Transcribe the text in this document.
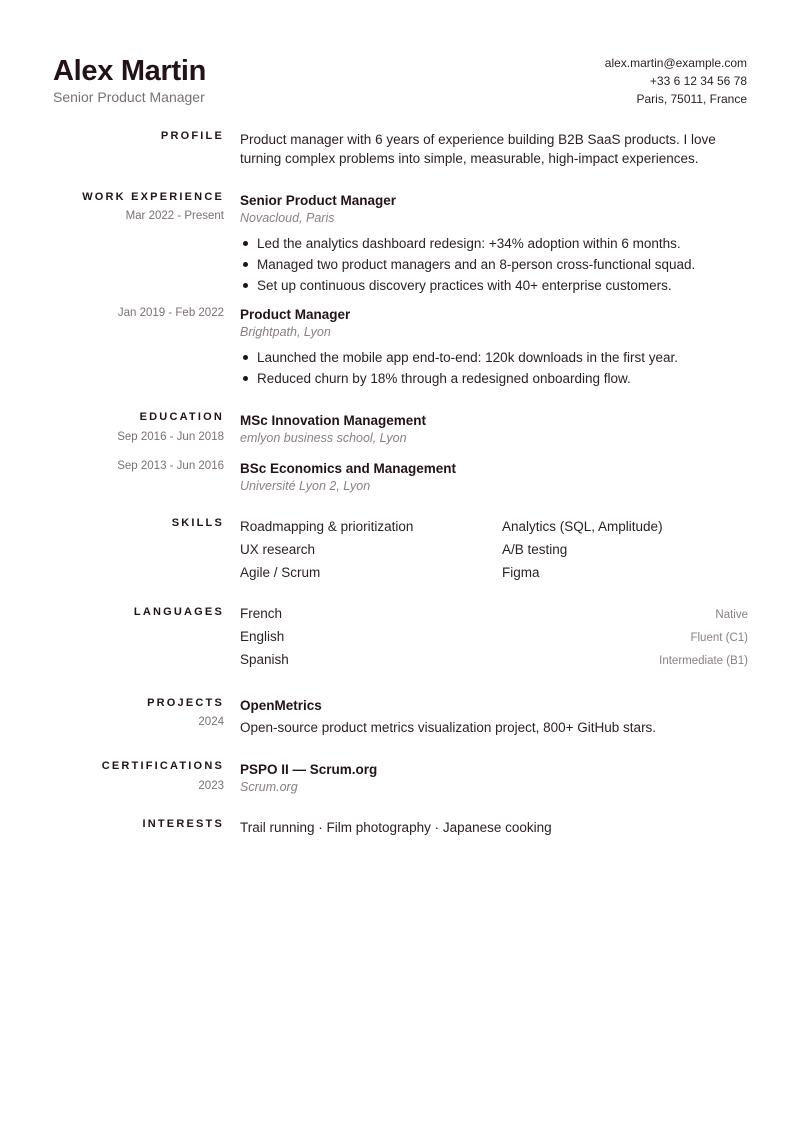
Alex Martin
Senior Product Manager
alex.martin@example.com
+33 6 12 34 56 78
Paris, 75011, France
PROFILE Product manager with 6 years of experience building B2B SaaS products. I love turning complex problems into simple, measurable, high-impact experiences.
WORK EXPERIENCE
Mar 2022 - Present
Senior Product Manager
Novacloud, Paris
Led the analytics dashboard redesign: +34% adoption within 6 months.
Managed two product managers and an 8-person cross-functional squad.
Set up continuous discovery practices with 40+ enterprise customers.
Jan 2019 - Feb 2022 Product Manager
Brightpath, Lyon
Launched the mobile app end-to-end: 120k downloads in the first year.
Reduced churn by 18% through a redesigned onboarding flow.
EDUCATION
Sep 2016 - Jun 2018
MSc Innovation Management
emlyon business school, Lyon
Sep 2013 - Jun 2016 BSc Economics and Management
Université Lyon 2, Lyon
SKILLS Roadmapping & prioritization	Analytics (SQL, Amplitude)
UX research	A/B testing
Agile / Scrum	Figma
LANGUAGES French	Native
English	Fluent (C1)
Spanish	Intermediate (B1)
PROJECTS
2024
OpenMetrics
Open-source product metrics visualization project, 800+ GitHub stars.
CERTIFICATIONS
2023
PSPO II — Scrum.org
Scrum.org
INTERESTS Trail running · Film photography · Japanese cooking
